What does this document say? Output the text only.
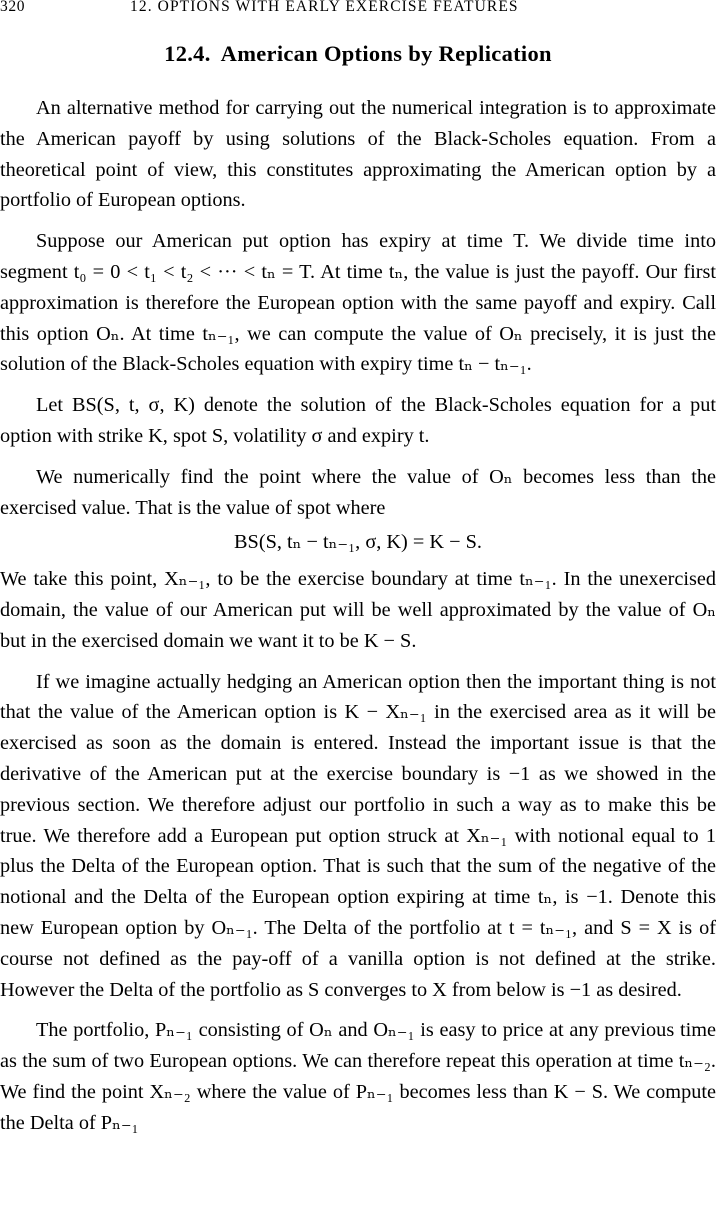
320	12. OPTIONS WITH EARLY EXERCISE FEATURES
12.4. American Options by Replication

An alternative method for carrying out the numerical integration is to approximate the American payoff by using solutions of the Black-Scholes equation. From a theoretical point of view, this constitutes approximating the American option by a portfolio of European options.

Suppose our American put option has expiry at time T. We divide time into segment t₀ = 0 < t₁ < t₂ < ··· < tₙ = T. At time tₙ, the value is just the payoff. Our first approximation is therefore the European option with the same payoff and expiry. Call this option Oₙ. At time tₙ₋₁, we can compute the value of Oₙ precisely, it is just the solution of the Black-Scholes equation with expiry time tₙ − tₙ₋₁.

Let BS(S, t, σ, K) denote the solution of the Black-Scholes equation for a put option with strike K, spot S, volatility σ and expiry t.

We numerically find the point where the value of Oₙ becomes less than the exercised value. That is the value of spot where

BS(S, tₙ − tₙ₋₁, σ, K) = K − S.

We take this point, Xₙ₋₁, to be the exercise boundary at time tₙ₋₁. In the unexercised domain, the value of our American put will be well approximated by the value of Oₙ but in the exercised domain we want it to be K − S.

If we imagine actually hedging an American option then the important thing is not that the value of the American option is K − Xₙ₋₁ in the exercised area as it will be exercised as soon as the domain is entered. Instead the important issue is that the derivative of the American put at the exercise boundary is −1 as we showed in the previous section. We therefore adjust our portfolio in such a way as to make this be true. We therefore add a European put option struck at Xₙ₋₁ with notional equal to 1 plus the Delta of the European option. That is such that the sum of the negative of the notional and the Delta of the European option expiring at time tₙ, is −1. Denote this new European option by Oₙ₋₁. The Delta of the portfolio at t = tₙ₋₁, and S = X is of course not defined as the pay-off of a vanilla option is not defined at the strike. However the Delta of the portfolio as S converges to X from below is −1 as desired.

The portfolio, Pₙ₋₁ consisting of Oₙ and Oₙ₋₁ is easy to price at any previous time as the sum of two European options. We can therefore repeat this operation at time tₙ₋₂. We find the point Xₙ₋₂ where the value of Pₙ₋₁ becomes less than K − S. We compute the Delta of Pₙ₋₁
